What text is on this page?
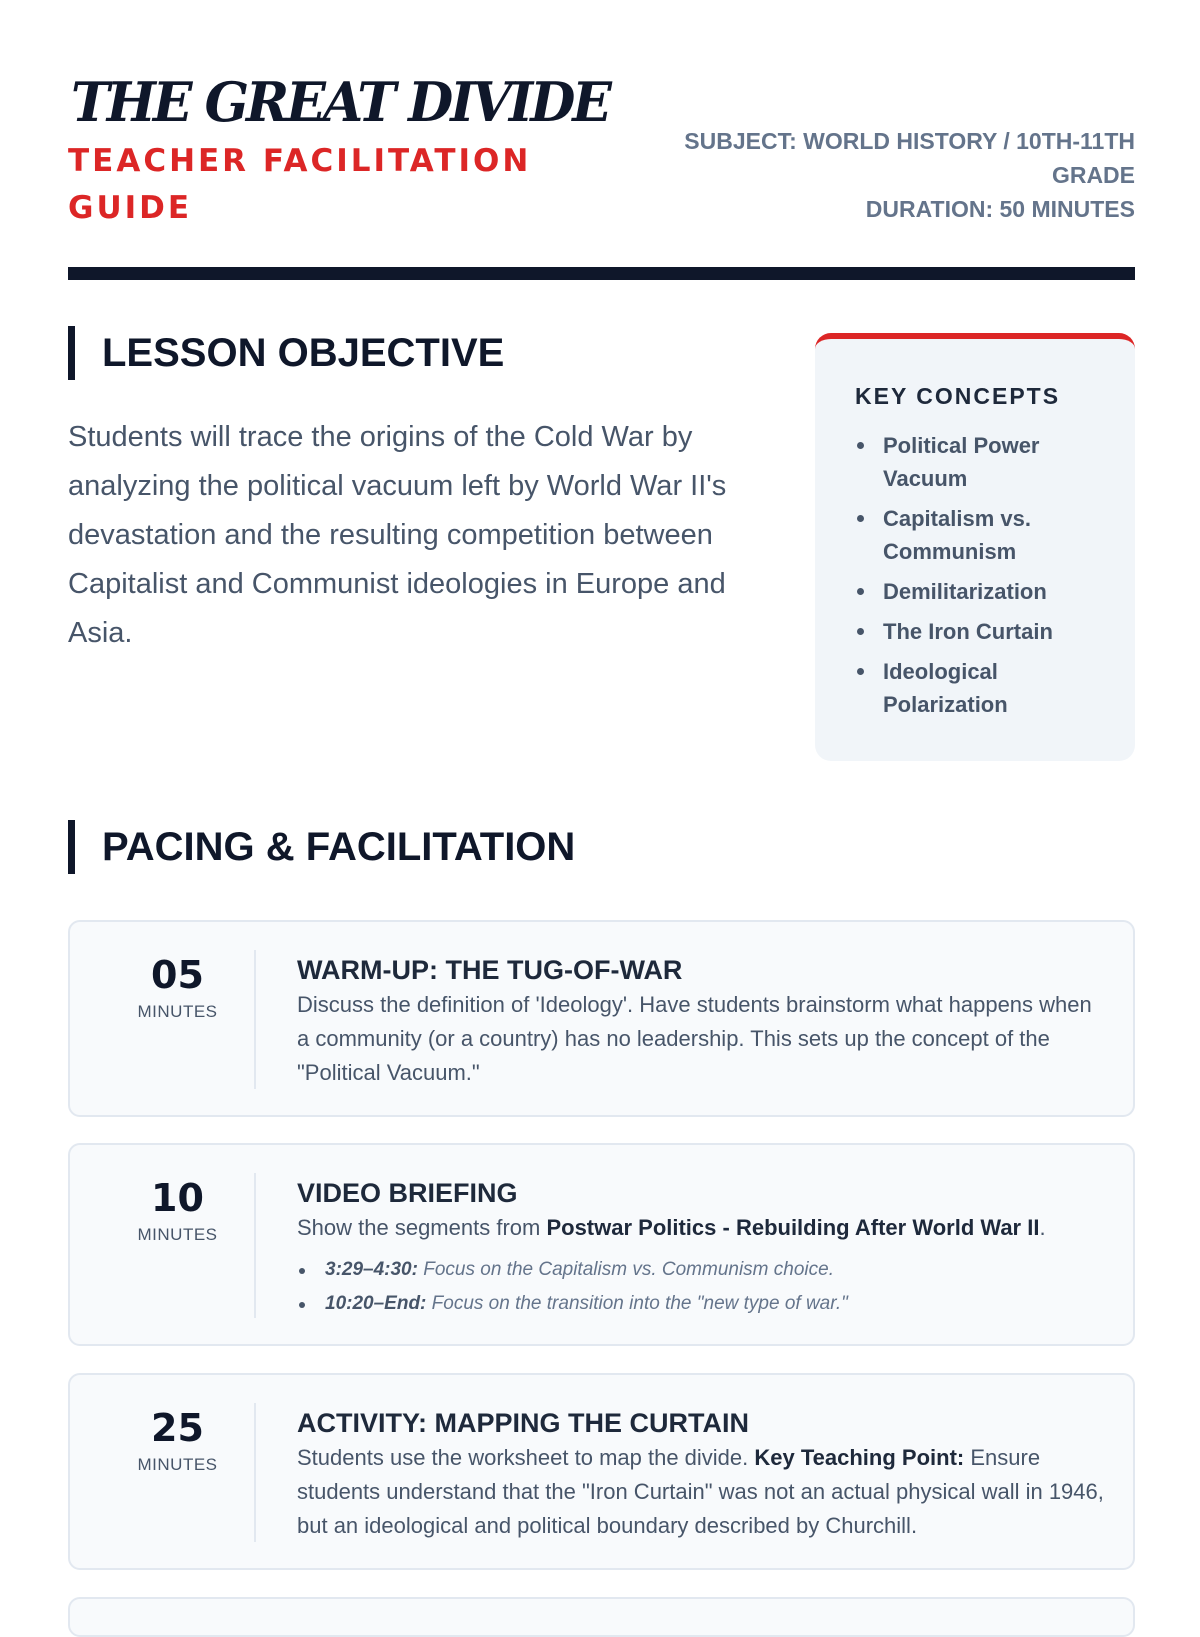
THE GREAT DIVIDE
TEACHER FACILITATION GUIDE
SUBJECT: WORLD HISTORY / 10TH-11TH GRADE
DURATION: 50 MINUTES
LESSON OBJECTIVE

Students will trace the origins of the Cold War by analyzing the political vacuum left by World War II's devastation and the resulting competition between Capitalist and Communist ideologies in Europe and Asia.

KEY CONCEPTS
Political Power Vacuum
Capitalism vs. Communism
Demilitarization
The Iron Curtain
Ideological Polarization
PACING & FACILITATION
05
MINUTES
WARM-UP: THE TUG-OF-WAR

Discuss the definition of 'Ideology'. Have students brainstorm what happens when a community (or a country) has no leadership. This sets up the concept of the "Political Vacuum."

10
MINUTES
VIDEO BRIEFING

Show the segments from Postwar Politics - Rebuilding After World War II.

3:29–4:30: Focus on the Capitalism vs. Communism choice.
10:20–End: Focus on the transition into the "new type of war."
25
MINUTES
ACTIVITY: MAPPING THE CURTAIN

Students use the worksheet to map the divide. Key Teaching Point: Ensure students understand that the "Iron Curtain" was not an actual physical wall in 1946, but an ideological and political boundary described by Churchill.
